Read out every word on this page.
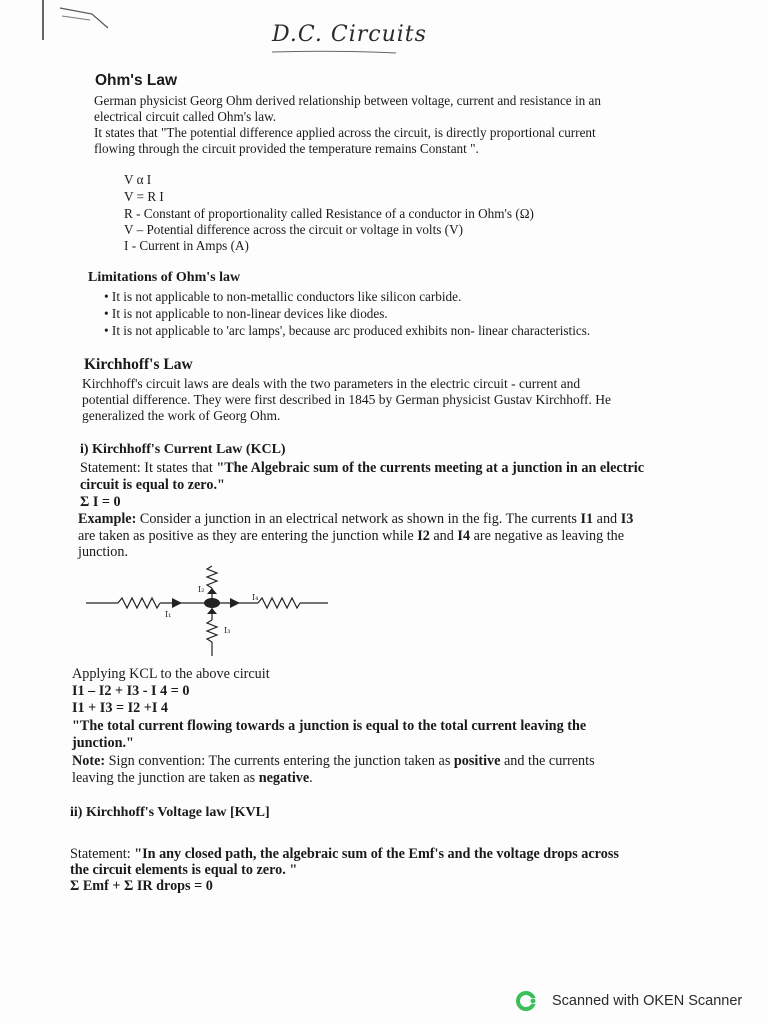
D.C. Circuits
Ohm's Law
German physicist Georg Ohm derived relationship between voltage, current and resistance in an
electrical circuit called Ohm's law.
It states that "The potential difference applied across the circuit, is directly proportional current
flowing through the circuit provided the temperature remains Constant ".
V α I
V = R I
R - Constant of proportionality called Resistance of a conductor in Ohm's (Ω)
V – Potential difference across the circuit or voltage in volts (V)
I - Current in Amps (A)
Limitations of Ohm's law
• It is not applicable to non-metallic conductors like silicon carbide.
• It is not applicable to non-linear devices like diodes.
• It is not applicable to 'arc lamps', because arc produced exhibits non- linear characteristics.
Kirchhoff's Law
Kirchhoff's circuit laws are deals with the two parameters in the electric circuit - current and
potential difference. They were first described in 1845 by German physicist Gustav Kirchhoff. He
generalized the work of Georg Ohm.
i) Kirchhoff's Current Law (KCL)
Statement: It states that "The Algebraic sum of the currents meeting at a junction in an electric
circuit is equal to zero."
Σ I = 0
Example: Consider a junction in an electrical network as shown in the fig. The currents I1 and I3
are taken as positive as they are entering the junction while I2 and I4 are negative as leaving the
junction.
I₁
I₂
I₃
I₄
Applying KCL to the above circuit
I1 – I2 + I3 - I 4 = 0
I1 + I3 = I2 +I 4
"The total current flowing towards a junction is equal to the total current leaving the
junction."
Note: Sign convention: The currents entering the junction taken as positive and the currents
leaving the junction are taken as negative.
ii) Kirchhoff's Voltage law [KVL]
Statement: "In any closed path, the algebraic sum of the Emf's and the voltage drops across
the circuit elements is equal to zero. "
Σ Emf + Σ IR drops = 0
Scanned with OKEN Scanner
